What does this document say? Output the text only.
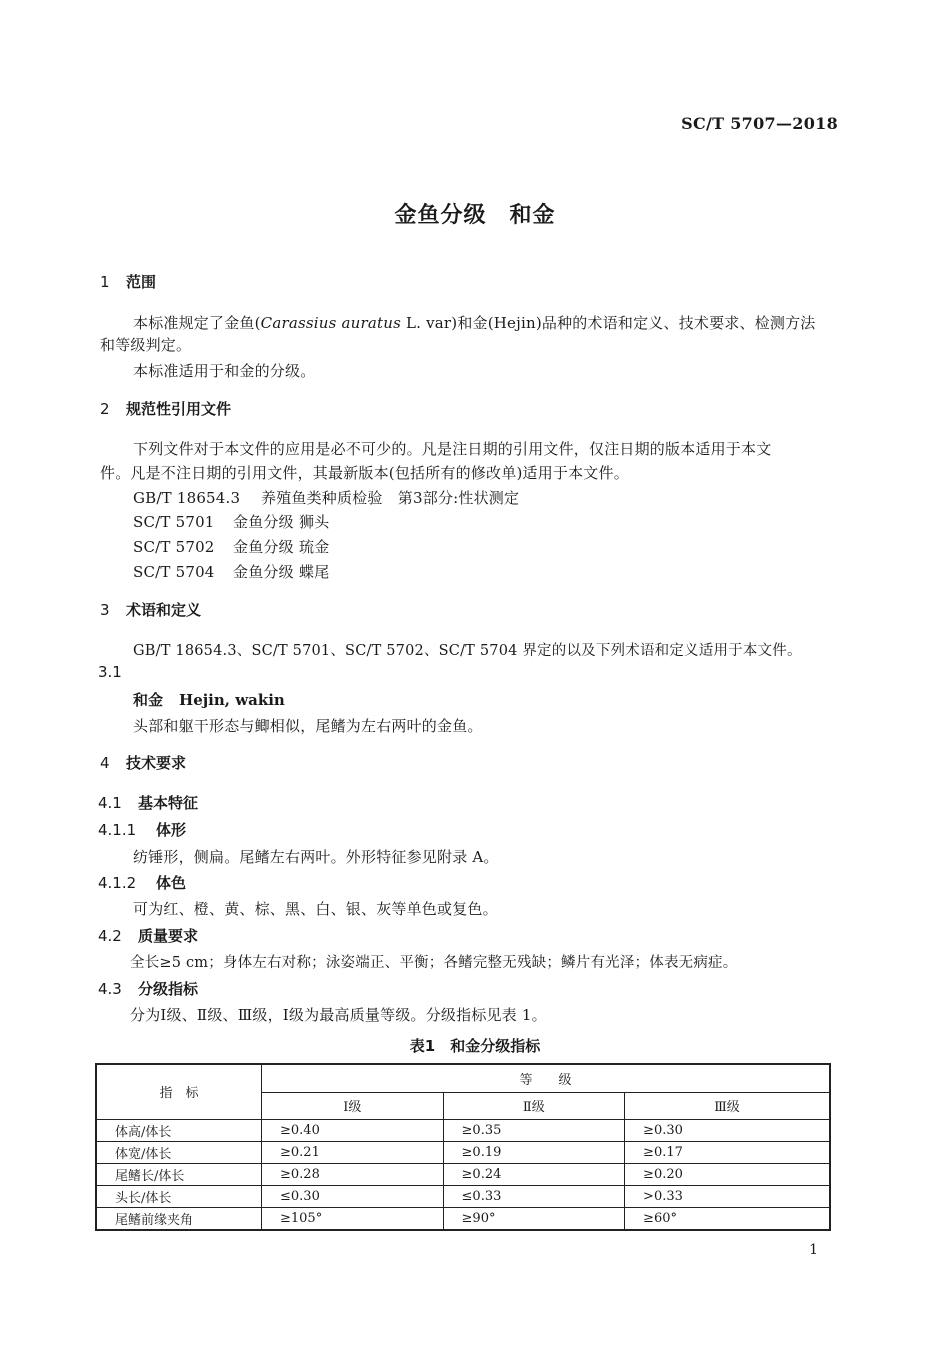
SC/T 5707—2018
金鱼分级　和金
1 范围
本标准规定了金鱼(Carassius auratus L. var)和金(Hejin)品种的术语和定义、技术要求、检测方法
和等级判定。
本标准适用于和金的分级。
2 规范性引用文件
下列文件对于本文件的应用是必不可少的。凡是注日期的引用文件，仅注日期的版本适用于本文
件。凡是不注日期的引用文件，其最新版本(包括所有的修改单)适用于本文件。
GB/T 18654.3 养殖鱼类种质检验　第3部分:性状测定
SC/T 5701 金鱼分级 狮头
SC/T 5702 金鱼分级 琉金
SC/T 5704 金鱼分级 蝶尾
3 术语和定义
GB/T 18654.3、SC/T 5701、SC/T 5702、SC/T 5704 界定的以及下列术语和定义适用于本文件。
3.1
和金 Hejin, wakin
头部和躯干形态与鲫相似，尾鳍为左右两叶的金鱼。
4 技术要求
4.1 基本特征
4.1.1 体形
纺锤形，侧扁。尾鳍左右两叶。外形特征参见附录 A。
4.1.2 体色
可为红、橙、黄、棕、黑、白、银、灰等单色或复色。
4.2 质量要求
全长≥5 cm；身体左右对称；泳姿端正、平衡；各鳍完整无残缺；鳞片有光泽；体表无病症。
4.3 分级指标
分为Ⅰ级、Ⅱ级、Ⅲ级，Ⅰ级为最高质量等级。分级指标见表 1。
表1　和金分级指标
指　标	等　　级		
	Ⅰ级	Ⅱ级	Ⅲ级
体高/体长	≥0.40	≥0.35	≥0.30
体宽/体长	≥0.21	≥0.19	≥0.17
尾鳍长/体长	≥0.28	≥0.24	≥0.20
头长/体长	≤0.30	≤0.33	>0.33
尾鳍前缘夹角	≥105°	≥90°	≥60°
1
